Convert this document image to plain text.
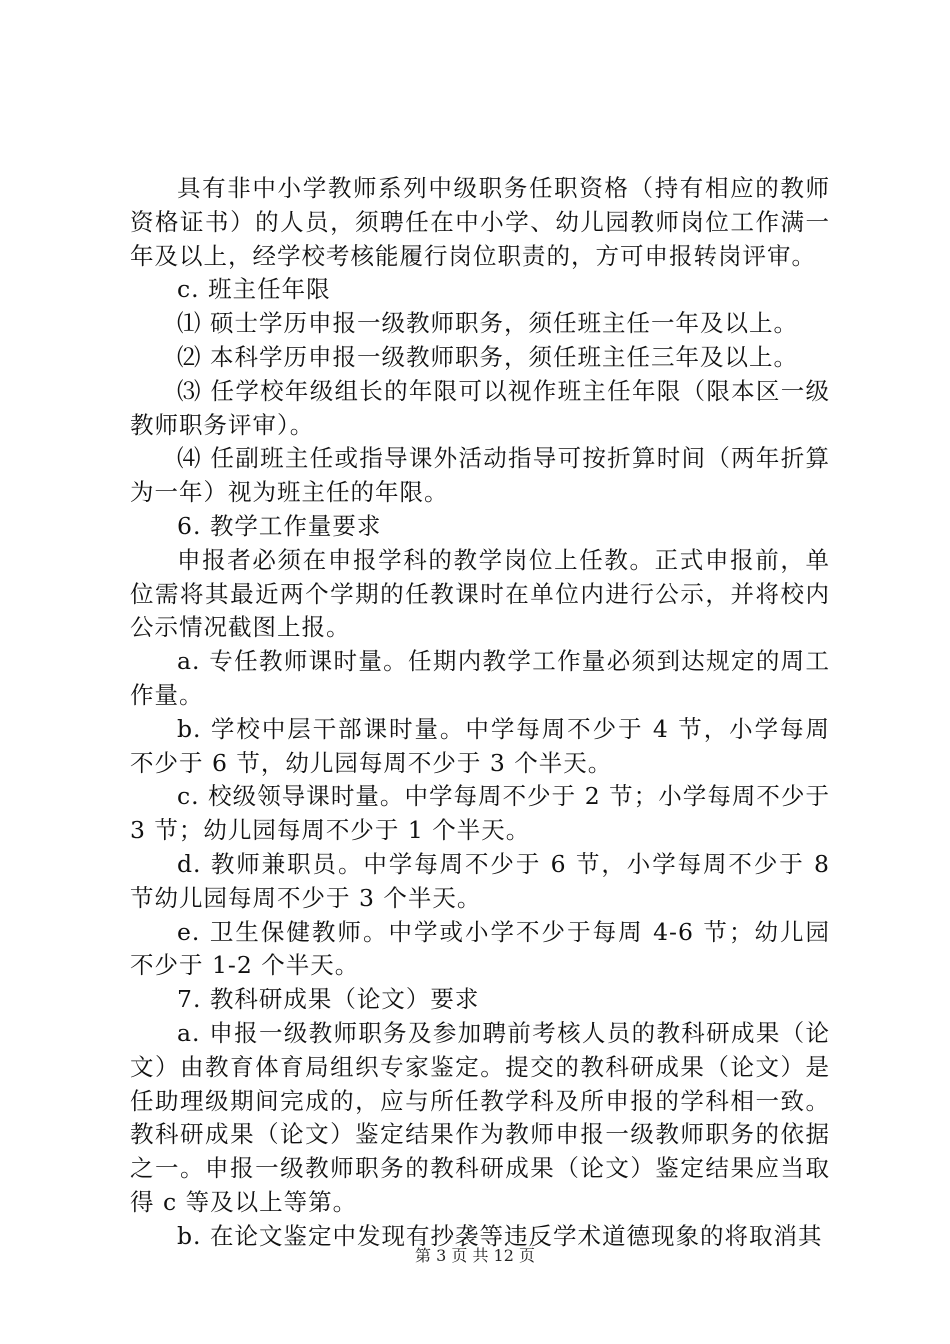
具有非中小学教师系列中级职务任职资格（持有相应的教师资格证书）的人员，须聘任在中小学、幼儿园教师岗位工作满一年及以上，经学校考核能履行岗位职责的，方可申报转岗评审。

c. 班主任年限

⑴ 硕士学历申报一级教师职务，须任班主任一年及以上。

⑵ 本科学历申报一级教师职务，须任班主任三年及以上。

⑶ 任学校年级组长的年限可以视作班主任年限（限本区一级教师职务评审）。

⑷ 任副班主任或指导课外活动指导可按折算时间（两年折算为一年）视为班主任的年限。

6. 教学工作量要求

申报者必须在申报学科的教学岗位上任教。正式申报前，单位需将其最近两个学期的任教课时在单位内进行公示，并将校内公示情况截图上报。

a. 专任教师课时量。任期内教学工作量必须到达规定的周工作量。

b. 学校中层干部课时量。中学每周不少于 4 节，小学每周不少于 6 节，幼儿园每周不少于 3 个半天。

c. 校级领导课时量。中学每周不少于 2 节；小学每周不少于 3 节；幼儿园每周不少于 1 个半天。

d. 教师兼职员。中学每周不少于 6 节，小学每周不少于 8 节幼儿园每周不少于 3 个半天。

e. 卫生保健教师。中学或小学不少于每周 4-6 节；幼儿园不少于 1-2 个半天。

7. 教科研成果（论文）要求

a. 申报一级教师职务及参加聘前考核人员的教科研成果（论文）由教育体育局组织专家鉴定。提交的教科研成果（论文）是任助理级期间完成的，应与所任教学科及所申报的学科相一致。教科研成果（论文）鉴定结果作为教师申报一级教师职务的依据之一。申报一级教师职务的教科研成果（论文）鉴定结果应当取得 c 等及以上等第。

b. 在论文鉴定中发现有抄袭等违反学术道德现象的将取消其

第 3 页 共 12 页
